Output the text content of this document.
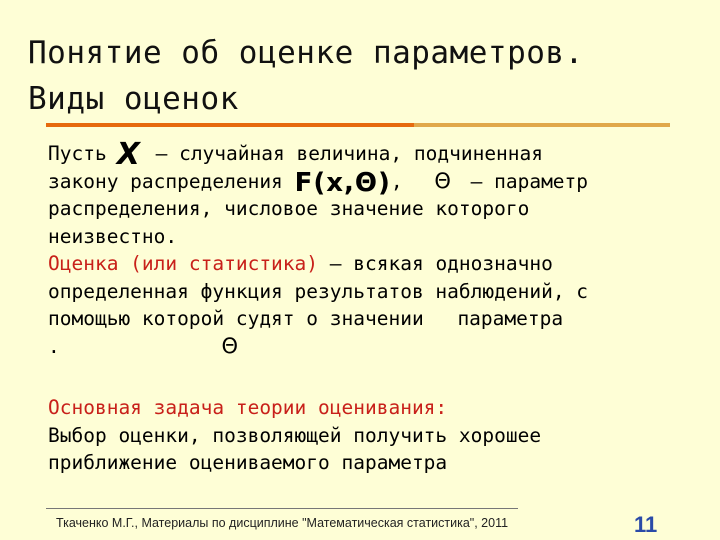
Понятие об оценке параметров.
Виды оценок
Пусть X – случайная величина, подчиненная
закону распределения F(x,Θ), Θ – параметр
распределения, числовое значение которого
неизвестно.
Оценка (или статистика) – всякая однозначно
определенная функция результатов наблюдений, с
помощью которой судят о значении параметра
.	Θ
Основная задача теории оценивания:
Выбор оценки, позволяющей получить хорошее
приближение оцениваемого параметра
Ткаченко М.Г., Материалы по дисциплине "Математическая статистика", 2011	11
